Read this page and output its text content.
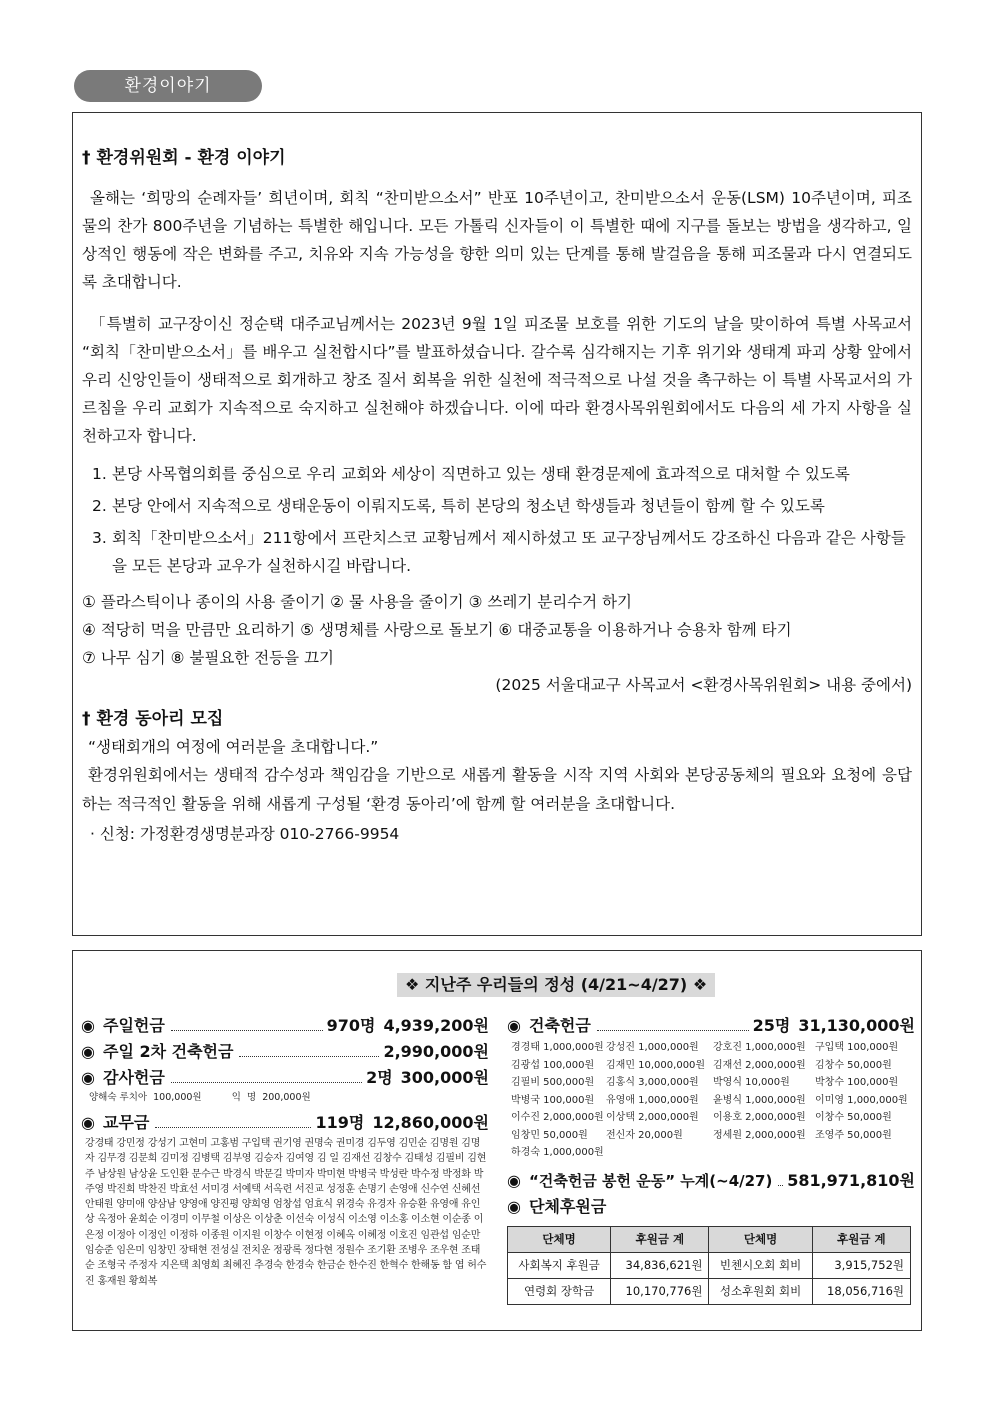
환경이야기
† 환경위원회 - 환경 이야기

올해는 ‘희망의 순례자들’ 희년이며, 회칙 “찬미받으소서” 반포 10주년이고, 찬미받으소서 운동(LSM) 10주년이며, 피조물의 찬가 800주년을 기념하는 특별한 해입니다. 모든 가톨릭 신자들이 이 특별한 때에 지구를 돌보는 방법을 생각하고, 일상적인 행동에 작은 변화를 주고, 치유와 지속 가능성을 향한 의미 있는 단계를 통해 발걸음을 통해 피조물과 다시 연결되도록 초대합니다.

「특별히 교구장이신 정순택 대주교님께서는 2023년 9월 1일 피조물 보호를 위한 기도의 날을 맞이하여 특별 사목교서 “회칙「찬미받으소서」를 배우고 실천합시다”를 발표하셨습니다. 갈수록 심각해지는 기후 위기와 생태계 파괴 상황 앞에서 우리 신앙인들이 생태적으로 회개하고 창조 질서 회복을 위한 실천에 적극적으로 나설 것을 촉구하는 이 특별 사목교서의 가르침을 우리 교회가 지속적으로 숙지하고 실천해야 하겠습니다. 이에 따라 환경사목위원회에서도 다음의 세 가지 사항을 실천하고자 합니다.

1. 본당 사목협의회를 중심으로 우리 교회와 세상이 직면하고 있는 생태 환경문제에 효과적으로 대처할 수 있도록
2. 본당 안에서 지속적으로 생태운동이 이뤄지도록, 특히 본당의 청소년 학생들과 청년들이 함께 할 수 있도록
3. 회칙「찬미받으소서」211항에서 프란치스코 교황님께서 제시하셨고 또 교구장님께서도 강조하신 다음과 같은 사항들을 모든 본당과 교우가 실천하시길 바랍니다.
① 플라스틱이나 종이의 사용 줄이기 ② 물 사용을 줄이기 ③ 쓰레기 분리수거 하기
④ 적당히 먹을 만큼만 요리하기 ⑤ 생명체를 사랑으로 돌보기 ⑥ 대중교통을 이용하거나 승용차 함께 타기
⑦ 나무 심기 ⑧ 불필요한 전등을 끄기
(2025 서울대교구 사목교서 <환경사목위원회> 내용 중에서)
† 환경 동아리 모집
“생태회개의 여정에 여러분을 초대합니다.”

환경위원회에서는 생태적 감수성과 책임감을 기반으로 새롭게 활동을 시작 지역 사회와 본당공동체의 필요와 요청에 응답하는 적극적인 활동을 위해 새롭게 구성될 ‘환경 동아리’에 함께 할 여러분을 초대합니다.

· 신청: 가정환경생명분과장 010-2766-9954
❖ 지난주 우리들의 정성 (4/21~4/27) ❖
◉ 주일헌금	970명 4,939,200원
◉ 주일 2차 건축헌금	2,990,000원
◉ 감사헌금	2명 300,000원
양해숙 루치아  100,000원          익  명  200,000원
◉ 교무금	119명 12,860,000원
강경태 강민정 강성기 고현미 고홍범 구입택 권기영 권명숙 권미경 김두영 김민순 김명원 김명자 김무경 김문희 김미정 김병택 김부영 김승자 김여영 김 일 김재선 김창수 김태성 김필비 김현주 남상원 남상윤 도인환 문수근 박경식 박문길 박미자 박미현 박병국 박성란 박수정 박정화 박주영 박진희 박찬진 박효선 서미경 서예택 서옥련 서진교 성정훈 손명기 손영애 신수연 신혜선 안태원 양미애 양삼남 양영애 양진평 양희영 엄창섭 엄효식 위경숙 유경자 유승환 유영애 유인상 옥정아 윤희순 이경미 이무철 이상은 이상춘 이선숙 이성식 이소영 이소홍 이소현 이순종 이은정 이정아 이정인 이정하 이종원 이지원 이창수 이현정 이혜옥 이혜정 이호진 임관섭 임순만 임승준 임은미 임창민 장태현 전성실 전치운 정광록 정다현 정원수 조기환 조병우 조우현 조태순 조형국 주정자 지은택 최영희 최혜진 추경숙 한경숙 한금순 한수진 한혁수 한해동 함 엽 허수진 홍재원 황희복
◉ 건축헌금	25명 31,130,000원
경경태 1,000,000원 강성진 1,000,000원	강호진 1,000,000원 구입택 100,000원
김광섭 100,000원	김재민 10,000,000원 김재선 2,000,000원 김창수 50,000원
김필비 500,000원	김홍식 3,000,000원	박영식 10,000원	박창수 100,000원
박병국 100,000원	유영애 1,000,000원	윤병식 1,000,000원 이미영 1,000,000원
이수진 2,000,000원 이상택 2,000,000원	이용호 2,000,000원 이창수 50,000원
임창민 50,000원	전신자 20,000원	정세원 2,000,000원 조영주 50,000원
하경숙 1,000,000원
◉ “건축헌금 봉헌 운동” 누계(~4/27) 581,971,810원
◉ 단체후원금
단체명	후원금 계	단체명	후원금 계
사회복지 후원금	34,836,621원	빈첸시오회 회비	3,915,752원
연령회 장학금	10,170,776원	성소후원회 회비	18,056,716원
